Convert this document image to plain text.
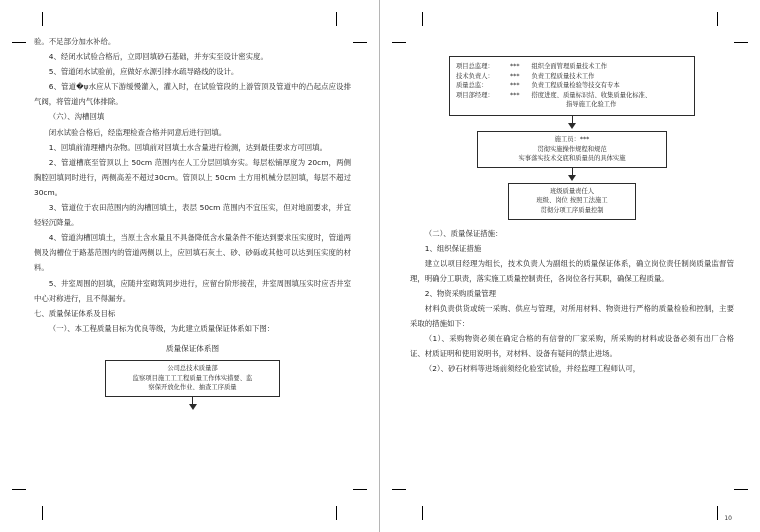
验。不足部分加水补给。

4、经闭水试验合格后，立即回填砂石基础，并夯实至设计密实度。

5、管道闭水试验前，应做好水源引排水疏导路线的设计。

6、管道�ψ水应从下游缓慢灌入，灌入时，在试验管段的上游管顶及管道中的凸起点应设排气阀，将管道内气体排除。

（六）、沟槽回填

闭水试验合格后，经监理检查合格并同意后进行回填。

1、回填前清理槽内杂物。回填前对回填土水含量进行检测，达到最佳要求方可回填。

2、管道槽底至管顶以上 50cm 范围内在人工分层回填夯实。每层松铺厚度为 20cm，两侧胸腔回填同时进行，两侧高差不超过30cm。管顶以上 50cm 土方用机械分层回填，每层不超过 30cm。

3、管道位于农田范围内的沟槽回填土，表层 50cm 范围内不宜压实，但对地面要求，并宜轻轻沉降量。

4、管道沟槽回填土，当原土含水量且不具备降低含水量条件不能达到要求压实度时，管道两侧及沟槽位于路基范围内的管道两侧以上，应回填石灰土、砂、砂砾或其他可以达到压实度的材料。

5、井室周围的回填，应随井室砌筑同步进行，应留台阶形接茬，井室周围填压实时应否井室中心对称进行，且不得漏夯。

七、质量保证体系及目标

（一）、本工程质量目标为优良等级，为此建立质量保证体系如下图：

质量保证体系图
公司总技术质量部
监察项目施工工工程质量工作体实措要、监
察保开放化作业、抽查工序质量
项目总监理：	*** 组织全面管理质量技术工作
技术负责人：	*** 负责工程质量技术工作
质量总监：	*** 负责工程质量检验等技交有专本
项目部经理：	*** 搭度进度、质量标识结、收集质量化标准、
指导施工化验工作
施工员：***
贯彻实施操作规程和规范
实事落实技术交底和质量员的具体实施
班级质量责任人
班级、岗位 按照工法施工
贯彻分项工序质量控制

（二）、质量保证措施：

1、组织保证措施

建立以项目经理为组长，技术负责人为副组长的质量保证体系，确立岗位责任制岗质量监督管理，明确分工职责，落实施工质量控制责任，各岗位各行其职，确保工程质量。

2、物资采购质量管理

材料负责供货或统一采购、供应与管理，对所用材料、物资进行严格的质量检验和控制，主要采取的措施如下：

（1）、采购物资必须在确定合格的有信誉的厂家采购，所采购的材料或设备必须有出厂合格证、材质证明和使用说明书，对材料、设备有疑问的禁止进场。

（2）、砂石材料等进场前须经化验室试验，并经监理工程师认可，

10
